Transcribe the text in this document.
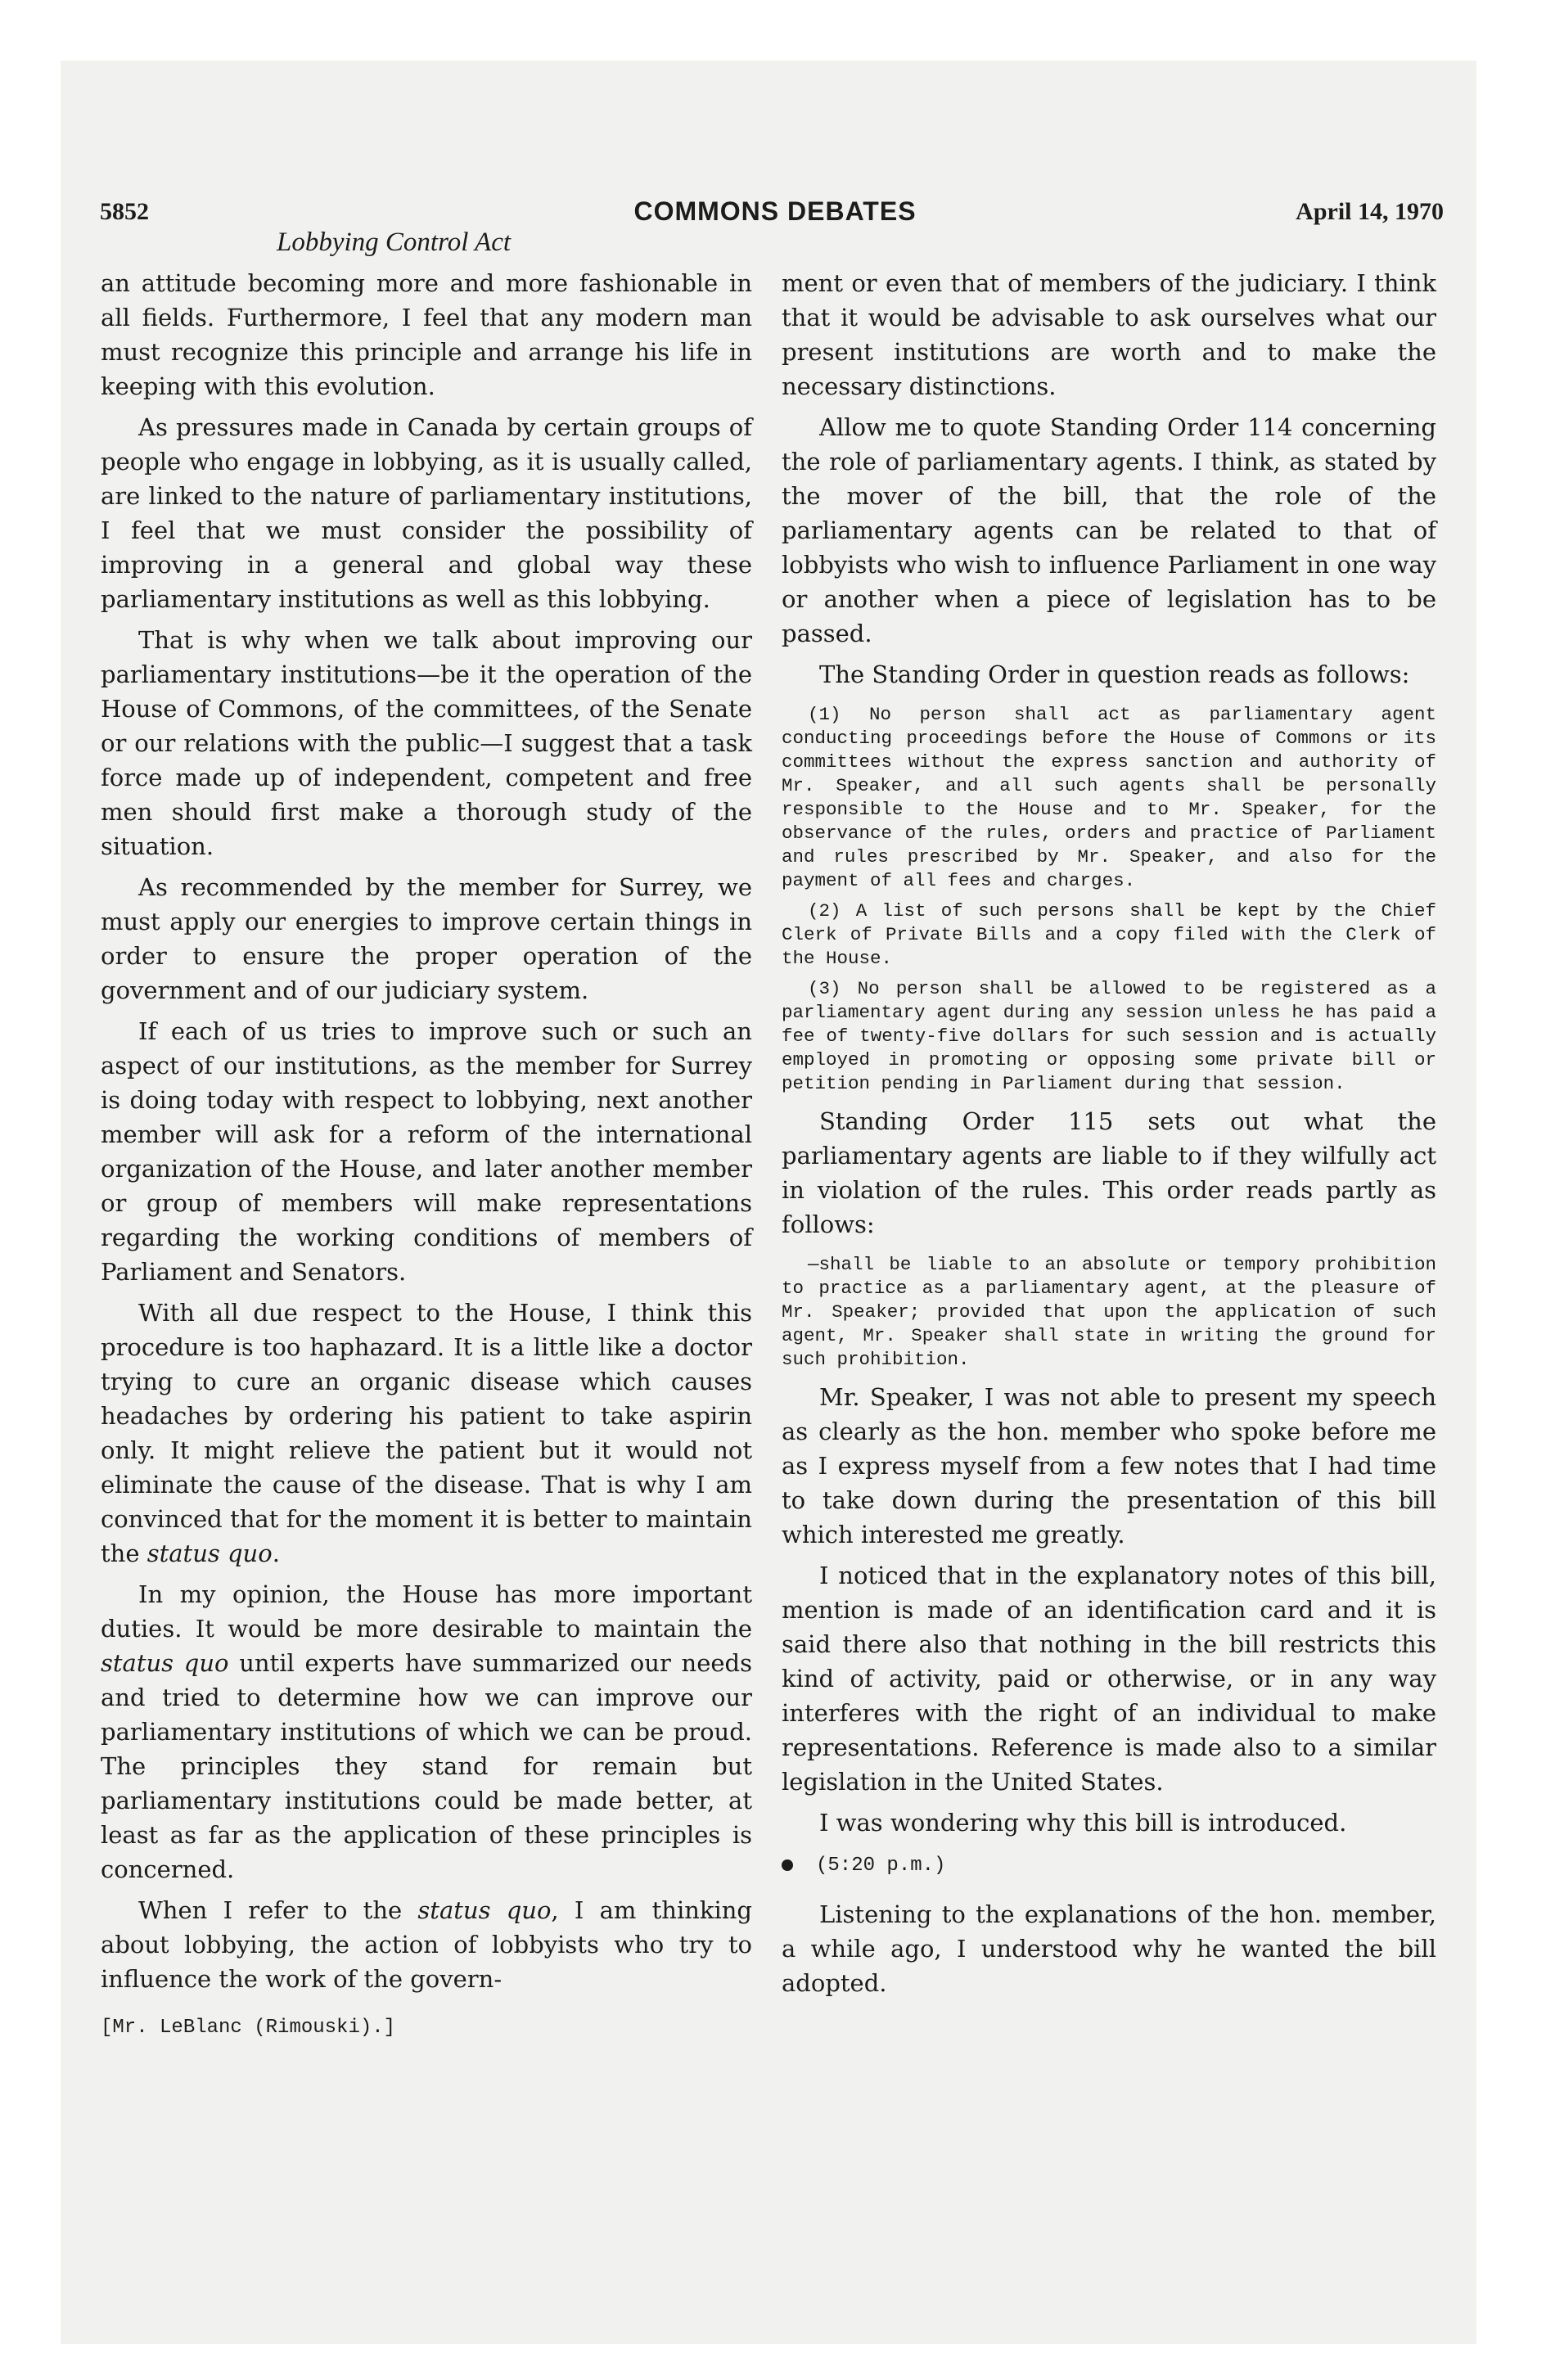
5852	COMMONS DEBATES	April 14, 1970
Lobbying Control Act

an attitude becoming more and more fashionable in all fields. Furthermore, I feel that any modern man must recognize this principle and arrange his life in keeping with this evolution.

As pressures made in Canada by certain groups of people who engage in lobbying, as it is usually called, are linked to the nature of parliamentary institutions, I feel that we must consider the possibility of improving in a general and global way these parliamentary institutions as well as this lobbying.

That is why when we talk about improving our parliamentary institutions—be it the operation of the House of Commons, of the committees, of the Senate or our relations with the public—I suggest that a task force made up of independent, competent and free men should first make a thorough study of the situation.

As recommended by the member for Surrey, we must apply our energies to improve certain things in order to ensure the proper operation of the government and of our judiciary system.

If each of us tries to improve such or such an aspect of our institutions, as the member for Surrey is doing today with respect to lobbying, next another member will ask for a reform of the international organization of the House, and later another member or group of members will make representations regarding the working conditions of members of Parliament and Senators.

With all due respect to the House, I think this procedure is too haphazard. It is a little like a doctor trying to cure an organic disease which causes headaches by ordering his patient to take aspirin only. It might relieve the patient but it would not eliminate the cause of the disease. That is why I am convinced that for the moment it is better to maintain the status quo.

In my opinion, the House has more important duties. It would be more desirable to maintain the status quo until experts have summarized our needs and tried to determine how we can improve our parliamentary institutions of which we can be proud. The principles they stand for remain but parliamentary institutions could be made better, at least as far as the application of these principles is concerned.

When I refer to the status quo, I am thinking about lobbying, the action of lobbyists who try to influence the work of the govern-

[Mr. LeBlanc (Rimouski).]

ment or even that of members of the judiciary. I think that it would be advisable to ask ourselves what our present institutions are worth and to make the necessary distinctions.

Allow me to quote Standing Order 114 concerning the role of parliamentary agents. I think, as stated by the mover of the bill, that the role of the parliamentary agents can be related to that of lobbyists who wish to influence Parliament in one way or another when a piece of legislation has to be passed.

The Standing Order in question reads as follows:

(1) No person shall act as parliamentary agent conducting proceedings before the House of Commons or its committees without the express sanction and authority of Mr. Speaker, and all such agents shall be personally responsible to the House and to Mr. Speaker, for the observance of the rules, orders and practice of Parliament and rules prescribed by Mr. Speaker, and also for the payment of all fees and charges.

(2) A list of such persons shall be kept by the Chief Clerk of Private Bills and a copy filed with the Clerk of the House.

(3) No person shall be allowed to be registered as a parliamentary agent during any session unless he has paid a fee of twenty-five dollars for such session and is actually employed in promoting or opposing some private bill or petition pending in Parliament during that session.

Standing Order 115 sets out what the parliamentary agents are liable to if they wilfully act in violation of the rules. This order reads partly as follows:

—shall be liable to an absolute or tempory prohibition to practice as a parliamentary agent, at the pleasure of Mr. Speaker; provided that upon the application of such agent, Mr. Speaker shall state in writing the ground for such prohibition.

Mr. Speaker, I was not able to present my speech as clearly as the hon. member who spoke before me as I express myself from a few notes that I had time to take down during the presentation of this bill which interested me greatly.

I noticed that in the explanatory notes of this bill, mention is made of an identification card and it is said there also that nothing in the bill restricts this kind of activity, paid or otherwise, or in any way interferes with the right of an individual to make representations. Reference is made also to a similar legislation in the United States.

I was wondering why this bill is introduced.

(5:20 p.m.)

Listening to the explanations of the hon. member, a while ago, I understood why he wanted the bill adopted.
